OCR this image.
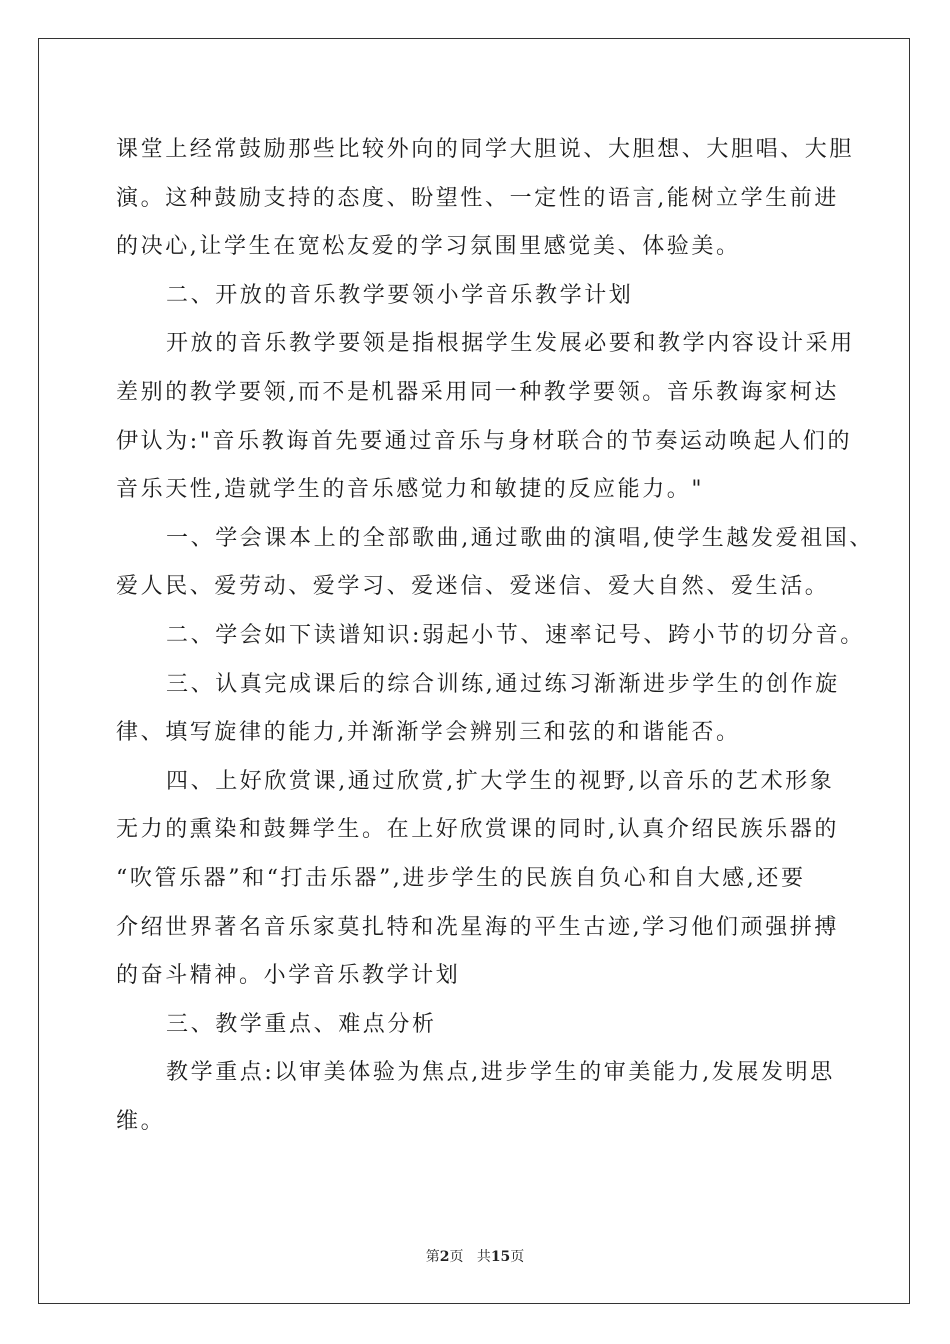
课堂上经常鼓励那些比较外向的同学大胆说、大胆想、大胆唱、大胆
演。这种鼓励支持的态度、盼望性、一定性的语言,能树立学生前进
的决心,让学生在宽松友爱的学习氛围里感觉美、体验美。
二、开放的音乐教学要领小学音乐教学计划
开放的音乐教学要领是指根据学生发展必要和教学内容设计采用
差别的教学要领,而不是机器采用同一种教学要领。音乐教诲家柯达
伊认为:"音乐教诲首先要通过音乐与身材联合的节奏运动唤起人们的
音乐天性,造就学生的音乐感觉力和敏捷的反应能力。"
一、学会课本上的全部歌曲,通过歌曲的演唱,使学生越发爱祖国、
爱人民、爱劳动、爱学习、爱迷信、爱迷信、爱大自然、爱生活。
二、学会如下读谱知识:弱起小节、速率记号、跨小节的切分音。
三、认真完成课后的综合训练,通过练习渐渐进步学生的创作旋
律、填写旋律的能力,并渐渐学会辨别三和弦的和谐能否。
四、上好欣赏课,通过欣赏,扩大学生的视野,以音乐的艺术形象
无力的熏染和鼓舞学生。在上好欣赏课的同时,认真介绍民族乐器的
“吹管乐器”和“打击乐器”,进步学生的民族自负心和自大感,还要
介绍世界著名音乐家莫扎特和冼星海的平生古迹,学习他们顽强拼搏
的奋斗精神。小学音乐教学计划
三、教学重点、难点分析
教学重点:以审美体验为焦点,进步学生的审美能力,发展发明思
维。
第2页 共15页
